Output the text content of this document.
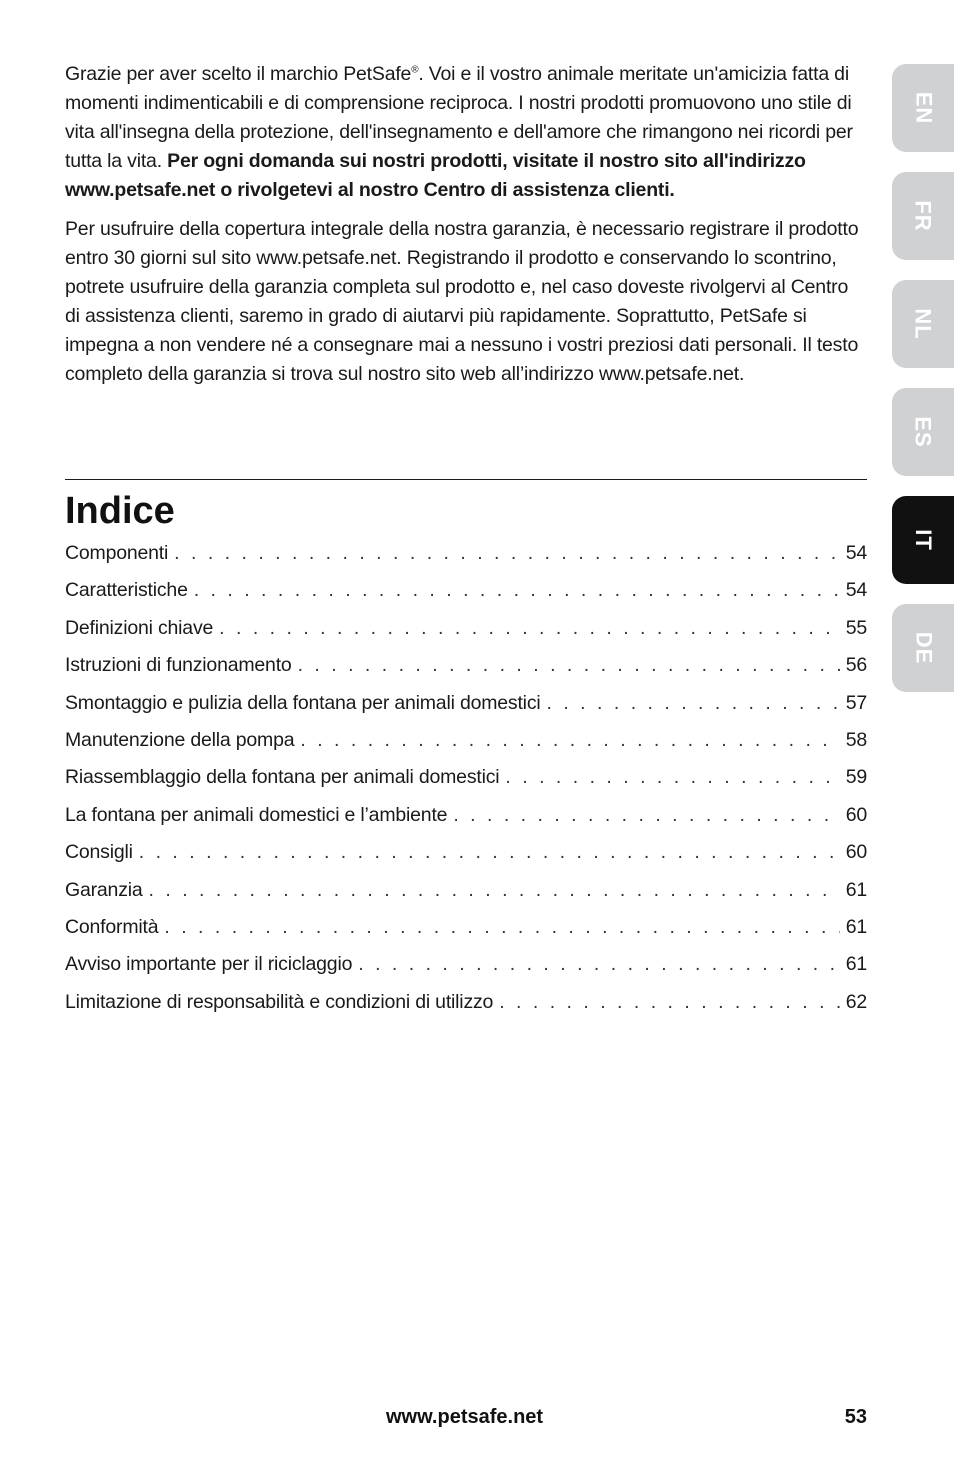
Grazie per aver scelto il marchio PetSafe®. Voi e il vostro animale meritate un'amicizia fatta di momenti indimenticabili e di comprensione reciproca. I nostri prodotti promuovono uno stile di vita all'insegna della protezione, dell'insegnamento e dell'amore che rimangono nei ricordi per tutta la vita. Per ogni domanda sui nostri prodotti, visitate il nostro sito all'indirizzo www.petsafe.net o rivolgetevi al nostro Centro di assistenza clienti.

Per usufruire della copertura integrale della nostra garanzia, è necessario registrare il prodotto entro 30 giorni sul sito www.petsafe.net. Registrando il prodotto e conservando lo scontrino, potrete usufruire della garanzia completa sul prodotto e, nel caso doveste rivolgervi al Centro di assistenza clienti, saremo in grado di aiutarvi più rapidamente. Soprattutto, PetSafe si impegna a non vendere né a consegnare mai a nessuno i vostri preziosi dati personali. Il testo completo della garanzia si trova sul nostro sito web all’indirizzo www.petsafe.net.

Indice
Componenti . . .	54
Caratteristiche . . .	54
Definizioni chiave . . .	55
Istruzioni di funzionamento . . .	56
Smontaggio e pulizia della fontana per animali domestici . . .	57
Manutenzione della pompa . . .	58
Riassemblaggio della fontana per animali domestici . . .	59
La fontana per animali domestici e l’ambiente . . .	60
Consigli . . .	60
Garanzia . . .	61
Conformità . . .	61
Avviso importante per il riciclaggio . . .	61
Limitazione di responsabilità e condizioni di utilizzo . . .	62
EN
FR
NL
ES
IT
DE
www.petsafe.net	53
